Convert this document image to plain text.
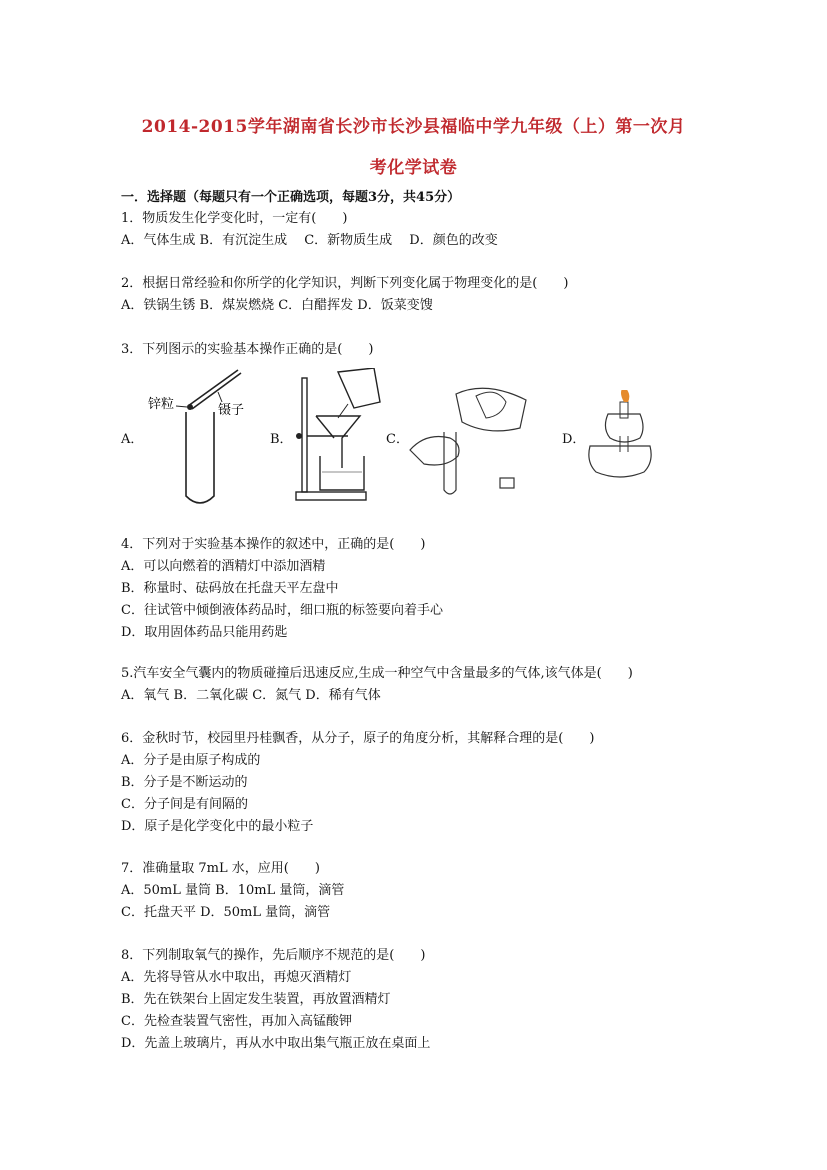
2014-2015学年湖南省长沙市长沙县福临中学九年级（上）第一次月
考化学试卷
一．选择题（每题只有一个正确选项，每题3分，共45分）
1．物质发生化学变化时，一定有(　　)
A．气体生成 B．有沉淀生成　 C．新物质生成　 D．颜色的改变
2．根据日常经验和你所学的化学知识，判断下列变化属于物理变化的是(　　)
A．铁锅生锈 B．煤炭燃烧 C．白醋挥发 D．饭菜变馊
3．下列图示的实验基本操作正确的是(　　)
A．	B．	C．	D．
锌粒	镊子
4．下列对于实验基本操作的叙述中，正确的是(　　)
A．可以向燃着的酒精灯中添加酒精
B．称量时、砝码放在托盘天平左盘中
C．往试管中倾倒液体药品时，细口瓶的标签要向着手心
D．取用固体药品只能用药匙
5.汽车安全气囊内的物质碰撞后迅速反应,生成一种空气中含量最多的气体,该气体是(　　)
A．氧气 B．二氧化碳 C．氮气 D．稀有气体
6．金秋时节，校园里丹桂飘香，从分子，原子的角度分析，其解释合理的是(　　)
A．分子是由原子构成的
B．分子是不断运动的
C．分子间是有间隔的
D．原子是化学变化中的最小粒子
7．准确量取 7mL 水，应用(　　)
A．50mL 量筒 B．10mL 量筒，滴管
C．托盘天平 D．50mL 量筒，滴管
8．下列制取氧气的操作，先后顺序不规范的是(　　)
A．先将导管从水中取出，再熄灭酒精灯
B．先在铁架台上固定发生装置，再放置酒精灯
C．先检查装置气密性，再加入高锰酸钾
D．先盖上玻璃片，再从水中取出集气瓶正放在桌面上
